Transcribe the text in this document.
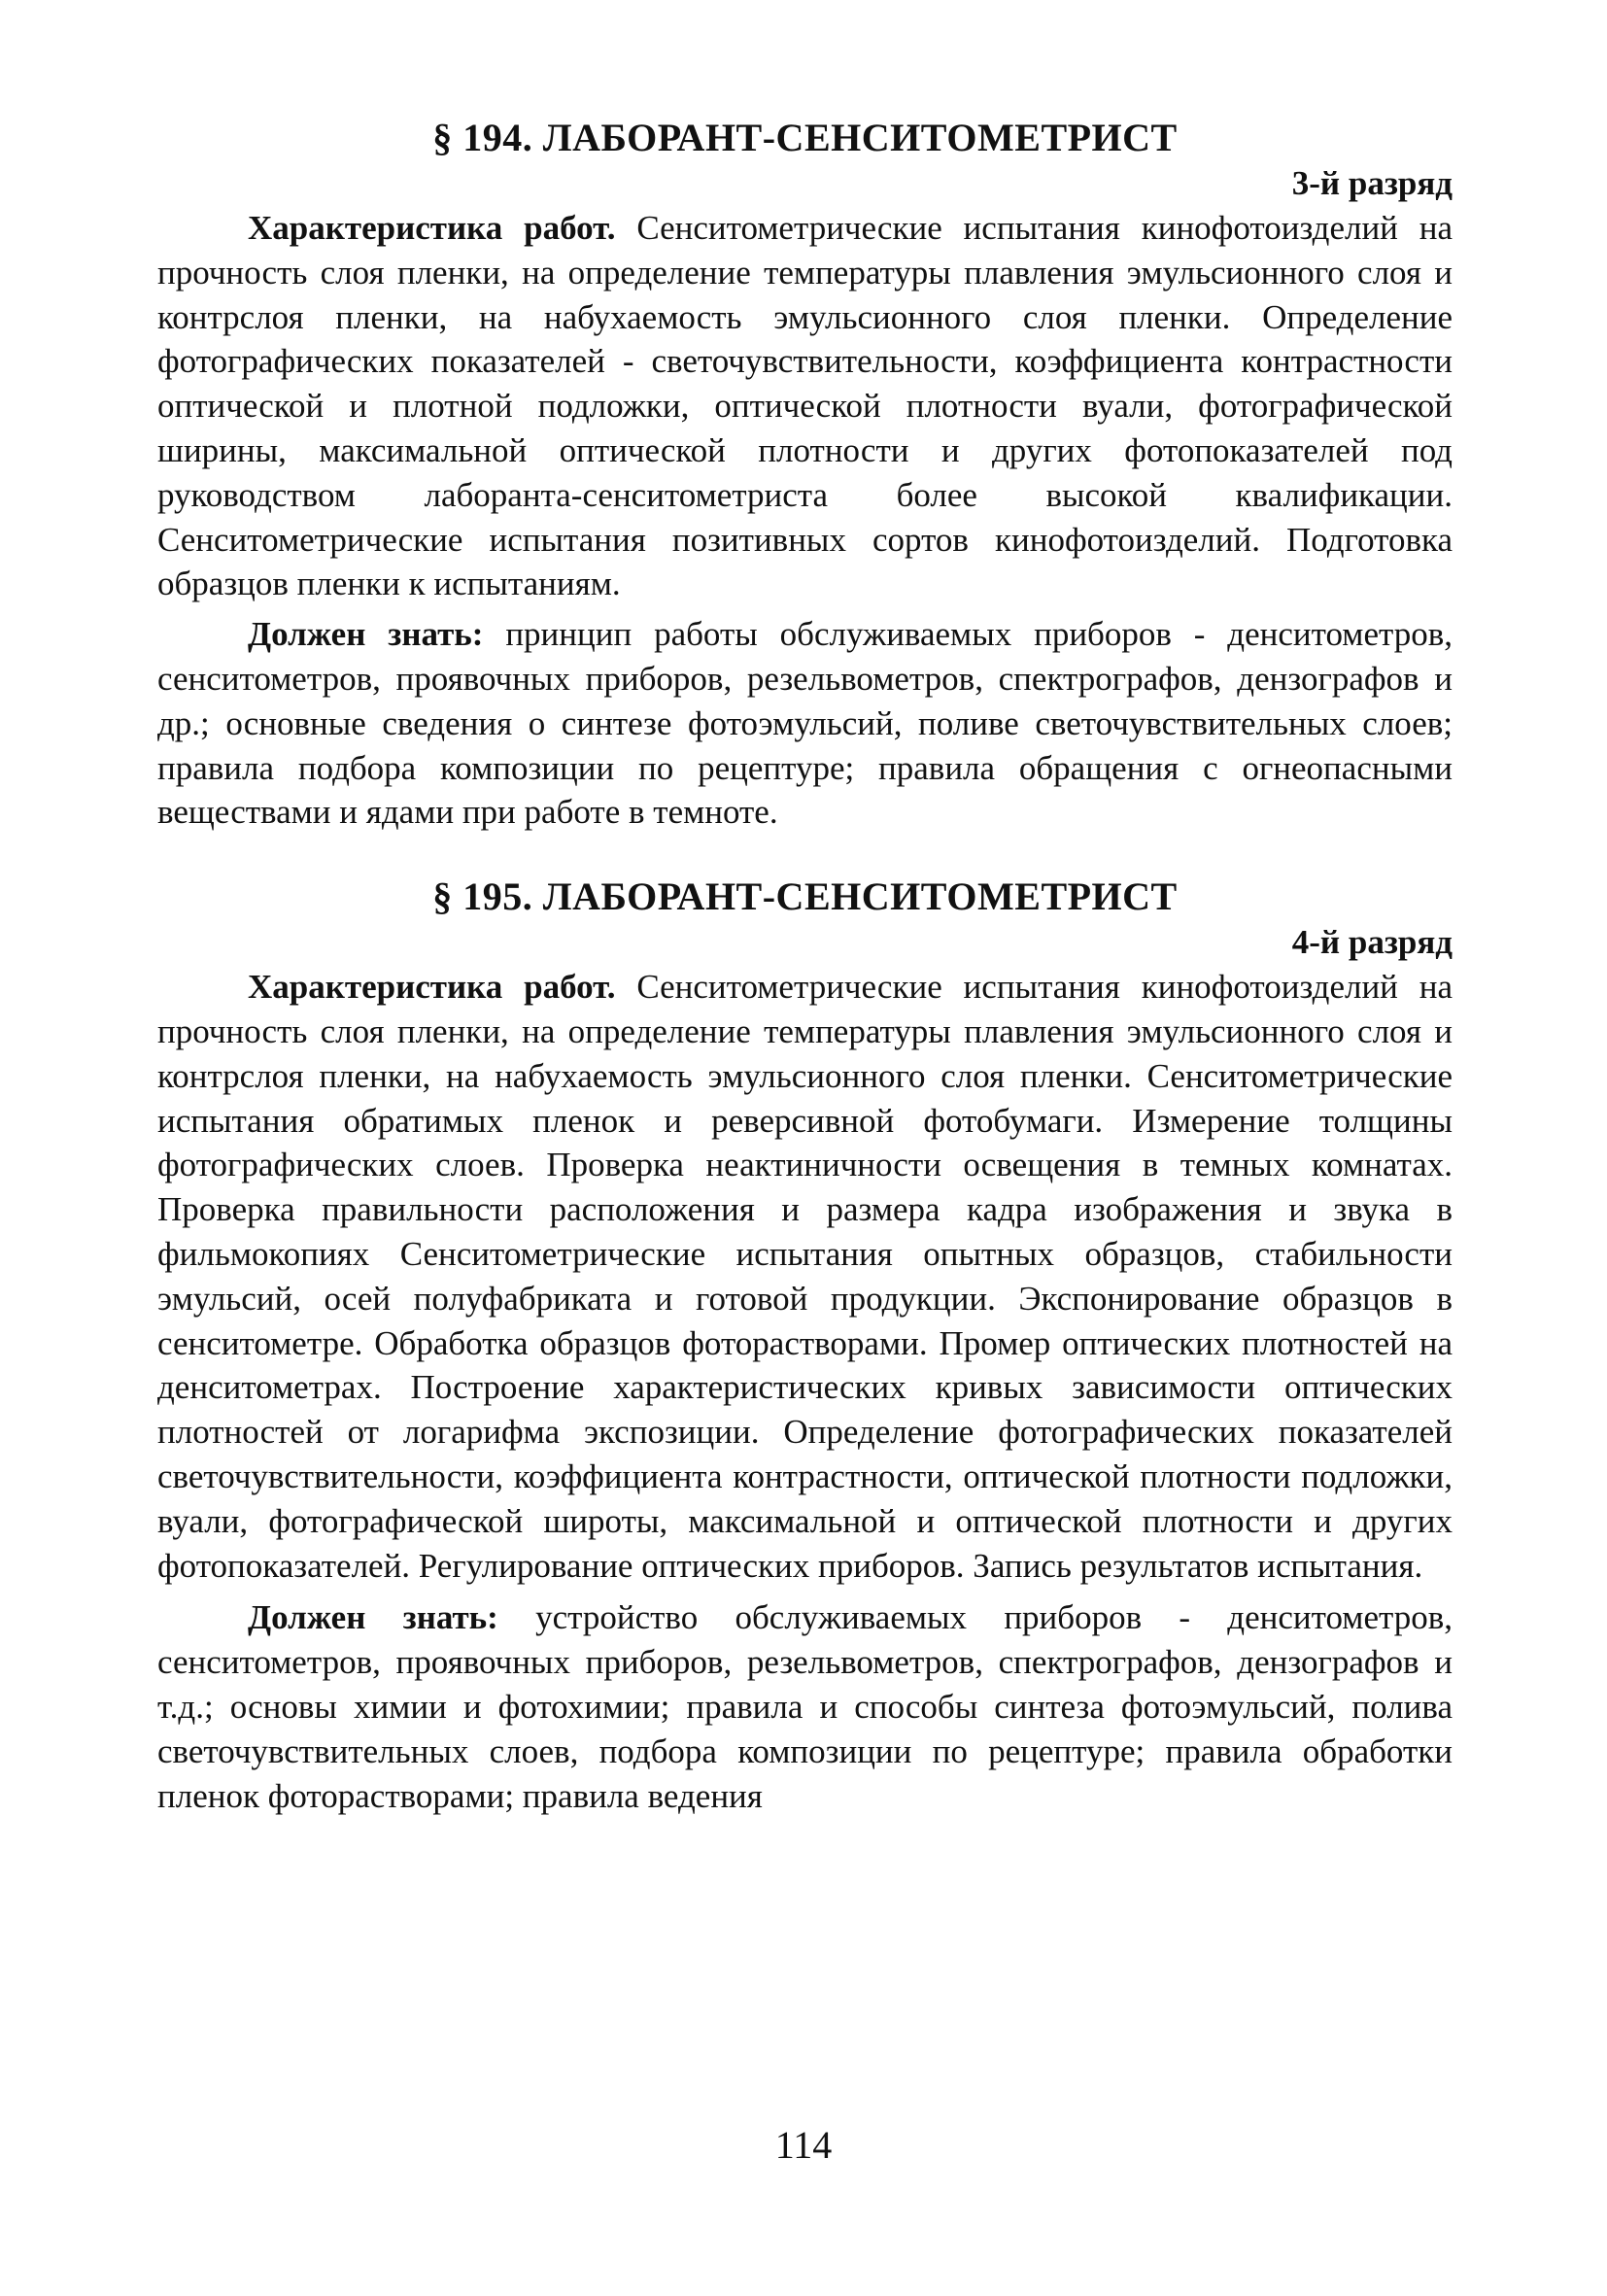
§ 194. ЛАБОРАНТ-СЕНСИТОМЕТРИСТ

3-й разряд

Характеристика работ. Сенситометрические испытания кинофотоизделий на прочность слоя пленки, на определение температуры плавления эмульсионного слоя и контрслоя пленки, на набухаемость эмульсионного слоя пленки. Определение фотографических показателей - светочувствительности, коэффициента контрастности оптической и плотной подложки, оптической плотности вуали, фотографической ширины, максимальной оптической плотности и других фотопоказателей под руководством лаборанта-сенситометриста более высокой квалификации. Сенситометрические испытания позитивных сортов кинофотоизделий. Подготовка образцов пленки к испытаниям.

Должен знать: принцип работы обслуживаемых приборов - денситометров, сенситометров, проявочных приборов, резельвометров, спектрографов, дензографов и др.; основные сведения о синтезе фотоэмульсий, поливе светочувствительных слоев; правила подбора композиции по рецептуре; правила обращения с огнеопасными веществами и ядами при работе в темноте.

§ 195. ЛАБОРАНТ-СЕНСИТОМЕТРИСТ

4-й разряд

Характеристика работ. Сенситометрические испытания кинофотоизделий на прочность слоя пленки, на определение температуры плавления эмульсионного слоя и контрслоя пленки, на набухаемость эмульсионного слоя пленки. Сенситометрические испытания обратимых пленок и реверсивной фотобумаги. Измерение толщины фотографических слоев. Проверка неактиничности освещения в темных комнатах. Проверка правильности расположения и размера кадра изображения и звука в фильмокопиях Сенситометрические испытания опытных образцов, стабильности эмульсий, осей полуфабриката и готовой продукции. Экспонирование образцов в сенситометре. Обработка образцов фоторастворами. Промер оптических плотностей на денситометрах. Построение характеристических кривых зависимости оптических плотностей от логарифма экспозиции. Определение фотографических показателей светочувствительности, коэффициента контрастности, оптической плотности подложки, вуали, фотографической широты, максимальной и оптической плотности и других фотопоказателей. Регулирование оптических приборов. Запись результатов испытания.

Должен знать: устройство обслуживаемых приборов - денситометров, сенситометров, проявочных приборов, резельвометров, спектрографов, дензографов и т.д.; основы химии и фотохимии; правила и способы синтеза фотоэмульсий, полива светочувствительных слоев, подбора композиции по рецептуре; правила обработки пленок фоторастворами; правила ведения

114
